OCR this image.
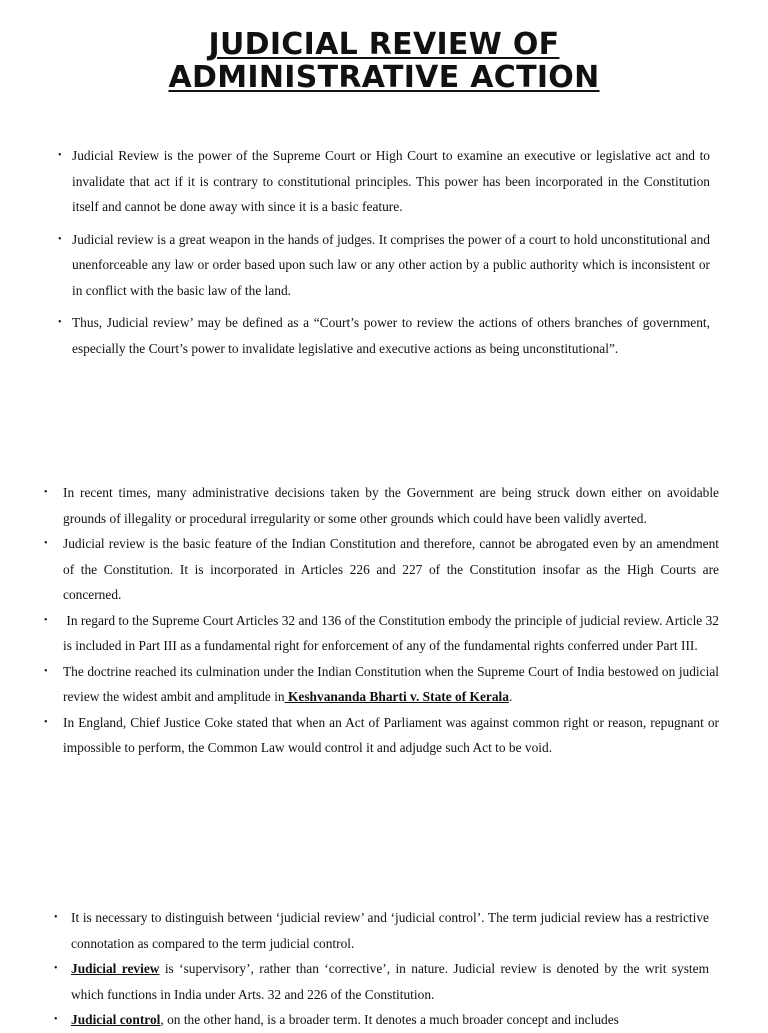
JUDICIAL REVIEW OF
ADMINISTRATIVE ACTION
• Judicial Review is the power of the Supreme Court or High Court to examine an executive or legislative act and to invalidate that act if it is contrary to constitutional principles. This power has been incorporated in the Constitution itself and cannot be done away with since it is a basic feature.
• Judicial review is a great weapon in the hands of judges. It comprises the power of a court to hold unconstitutional and unenforceable any law or order based upon such law or any other action by a public authority which is inconsistent or in conflict with the basic law of the land.
• Thus, Judicial review’ may be defined as a “Court’s power to review the actions of others branches of government, especially the Court’s power to invalidate legislative and executive actions as being unconstitutional”.
• In recent times, many administrative decisions taken by the Government are being struck down either on avoidable grounds of illegality or procedural irregularity or some other grounds which could have been validly averted.
• Judicial review is the basic feature of the Indian Constitution and therefore, cannot be abrogated even by an amendment of the Constitution. It is incorporated in Articles 226 and 227 of the Constitution insofar as the High Courts are concerned.
• In regard to the Supreme Court Articles 32 and 136 of the Constitution embody the principle of judicial review. Article 32 is included in Part III as a fundamental right for enforcement of any of the fundamental rights conferred under Part III.
• The doctrine reached its culmination under the Indian Constitution when the Supreme Court of India bestowed on judicial review the widest ambit and amplitude in Keshvananda Bharti v. State of Kerala.
• In England, Chief Justice Coke stated that when an Act of Parliament was against common right or reason, repugnant or impossible to perform, the Common Law would control it and adjudge such Act to be void.
• It is necessary to distinguish between ‘judicial review’ and ‘judicial control’. The term judicial review has a restrictive connotation as compared to the term judicial control.
• Judicial review is ‘supervisory’, rather than ‘corrective’, in nature. Judicial review is denoted by the writ system which functions in India under Arts. 32 and 226 of the Constitution.
• Judicial control, on the other hand, is a broader term. It denotes a much broader concept and includes
